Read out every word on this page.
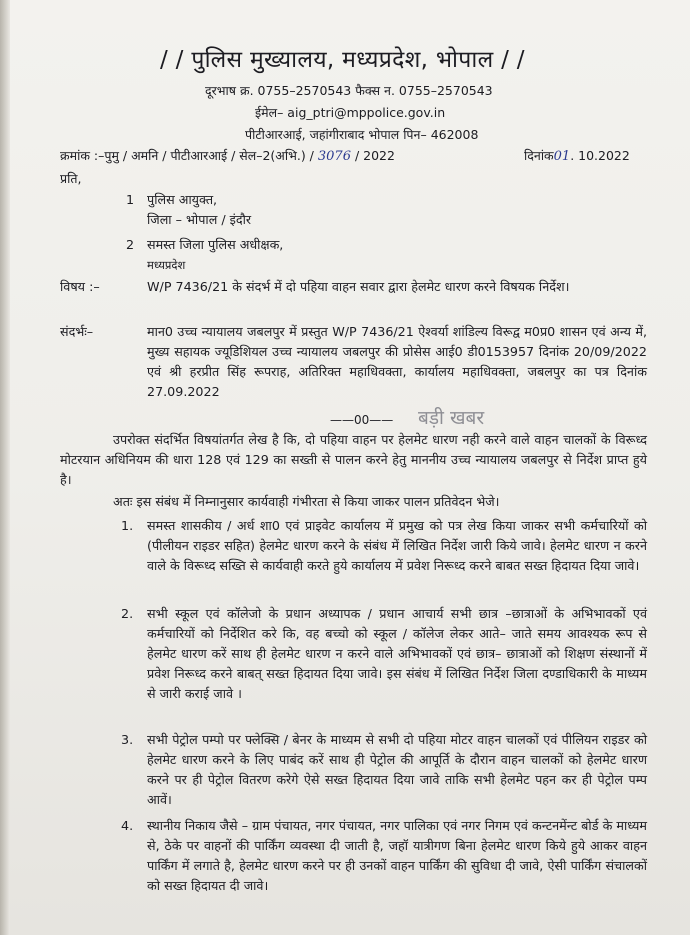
/ / पुलिस मुख्यालय, मध्यप्रदेश, भोपाल / /
दूरभाष क्र. 0755–2570543 फैक्स न. 0755–2570543
ईमेल– aig_ptri@mppolice.gov.in
पीटीआरआई, जहांगीराबाद भोपाल पिन– 462008
क्रमांक :–पुमु / अमनि / पीटीआरआई / सेल–2(अभि.) / 3076 / 2022	दिनांक01. 10.2022
प्रति,
1 पुलिस आयुक्त,
जिला – भोपाल / इंदौर
2 समस्त जिला पुलिस अधीक्षक,
मध्यप्रदेश
विषय :–	W/P 7436/21 के संदर्भ में दो पहिया वाहन सवार द्वारा हेलमेट धारण करने विषयक निर्देश।
संदर्भः–	मान0 उच्च न्यायालय जबलपुर में प्रस्तुत W/P 7436/21 ऐश्वर्या शांडिल्य विरूद्व म0प्र0 शासन एवं अन्य में, मुख्य सहायक ज्यूडिशियल उच्च न्यायालय जबलपुर की प्रोसेस आई0 डी0153957 दिनांक 20/09/2022 एवं श्री हरप्रीत सिंह रूपराह, अतिरिक्त महाधिवक्ता, कार्यालय महाधिवक्ता, जबलपुर का पत्र दिनांक 27.09.2022
——00—— बड़ी खबर
उपरोक्त संदर्भित विषयांतर्गत लेख है कि, दो पहिया वाहन पर हेलमेट धारण नही करने वाले वाहन चालकों के विरूध्द मोटरयान अधिनियम की धारा 128 एवं 129 का सख्ती से पालन करने हेतु माननीय उच्च न्यायालय जबलपुर से निर्देश प्राप्त हुये है।
अतः इस संबंध में निम्नानुसार कार्यवाही गंभीरता से किया जाकर पालन प्रतिवेदन भेजे।
1. समस्त शासकीय / अर्ध शा0 एवं प्राइवेट कार्यालय में प्रमुख को पत्र लेख किया जाकर सभी कर्मचारियों को (पीलीयन राइडर सहित) हेलमेट धारण करने के संबंध में लिखित निर्देश जारी किये जावे। हेलमेट धारण न करने वाले के विरूध्द सख्ति से कार्यवाही करते हुये कार्यालय में प्रवेश निरूध्द करने बाबत सख्त हिदायत दिया जावे।
2. सभी स्कूल एवं कॉलेजो के प्रधान अध्यापक / प्रधान आचार्य सभी छात्र –छात्राओं के अभिभावकों एवं कर्मचारियों को निर्देशित करे कि, वह बच्चो को स्कूल / कॉलेज लेकर आते– जाते समय आवश्यक रूप से हेलमेट धारण करें साथ ही हेलमेट धारण न करने वाले अभिभावकों एवं छात्र– छात्राओं को शिक्षण संस्थानों में प्रवेश निरूध्द करने बाबत् सख्त हिदायत दिया जावे। इस संबंध में लिखित निर्देश जिला दण्डाधिकारी के माध्यम से जारी कराई जावे ।
3. सभी पेट्रोल पम्पो पर फ्लेक्सि / बेनर के माध्यम से सभी दो पहिया मोटर वाहन चालकों एवं पीलियन राइडर को हेलमेट धारण करने के लिए पाबंद करें साथ ही पेट्रोल की आपूर्ति के दौरान वाहन चालकों को हेलमेट धारण करने पर ही पेट्रोल वितरण करेगे ऐसे सख्त हिदायत दिया जावे ताकि सभी हेलमेट पहन कर ही पेट्रोल पम्प आवें।
4. स्थानीय निकाय जैसे – ग्राम पंचायत, नगर पंचायत, नगर पालिका एवं नगर निगम एवं कन्टनमेंन्ट बोर्ड के माध्यम से, ठेके पर वाहनों की पार्किंग व्यवस्था दी जाती है, जहॉ यात्रीगण बिना हेलमेट धारण किये हुये आकर वाहन पार्किंग में लगाते है, हेलमेट धारण करने पर ही उनकों वाहन पार्किंग की सुविधा दी जावे, ऐसी पार्किंग संचालकों को सख्त हिदायत दी जावे।
